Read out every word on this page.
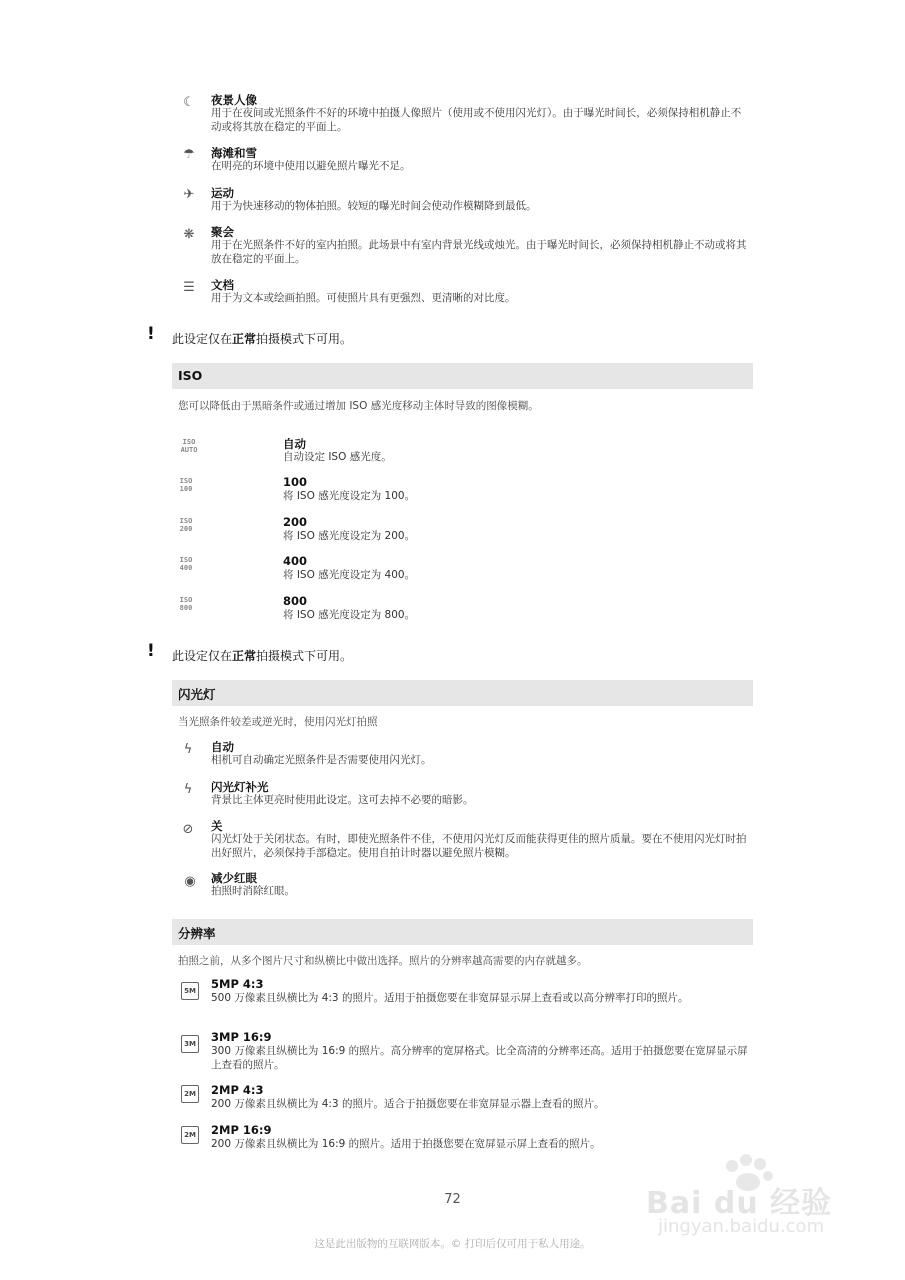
☾ 夜景人像
用于在夜间或光照条件不好的环境中拍摄人像照片（使用或不使用闪光灯）。由于曝光时间长，必须保持相机静止不动或将其放在稳定的平面上。
☂ 海滩和雪
在明亮的环境中使用以避免照片曝光不足。
✈	运动
用于为快速移动的物体拍照。较短的曝光时间会使动作模糊降到最低。
❋	聚会
用于在光照条件不好的室内拍照。此场景中有室内背景光线或烛光。由于曝光时间长，必须保持相机静止不动或将其放在稳定的平面上。
☰ 文档
用于为文本或绘画拍照。可使照片具有更强烈、更清晰的对比度。
! 此设定仅在正常拍摄模式下可用。
ISO
您可以降低由于黑暗条件或通过增加 ISO 感光度移动主体时导致的图像模糊。
ISO
AUTO	自动
自动设定 ISO 感光度。
ISO
100	100
将 ISO 感光度设定为 100。
ISO
200	200
将 ISO 感光度设定为 200。
ISO
400	400
将 ISO 感光度设定为 400。
ISO
800	800
将 ISO 感光度设定为 800。
! 此设定仅在正常拍摄模式下可用。
闪光灯
当光照条件较差或逆光时，使用闪光灯拍照
ϟ	自动
相机可自动确定光照条件是否需要使用闪光灯。
ϟ	闪光灯补光
背景比主体更亮时使用此设定。这可去掉不必要的暗影。
⊘	关
闪光灯处于关闭状态。有时，即使光照条件不佳，不使用闪光灯反而能获得更佳的照片质量。要在不使用闪光灯时拍出好照片，必须保持手部稳定。使用自拍计时器以避免照片模糊。
◉	减少红眼
拍照时消除红眼。
分辨率
拍照之前，从多个图片尺寸和纵横比中做出选择。照片的分辨率越高需要的内存就越多。
5M 5MP 4:3
500 万像素且纵横比为 4:3 的照片。适用于拍摄您要在非宽屏显示屏上查看或以高分辨率打印的照片。
3M 3MP 16:9
300 万像素且纵横比为 16:9 的照片。高分辨率的宽屏格式。比全高清的分辨率还高。适用于拍摄您要在宽屏显示屏上查看的照片。
2M 2MP 4:3
200 万像素且纵横比为 4:3 的照片。适合于拍摄您要在非宽屏显示器上查看的照片。
2M 2MP 16:9
200 万像素且纵横比为 16:9 的照片。适用于拍摄您要在宽屏显示屏上查看的照片。
72
这是此出版物的互联网版本。© 打印后仅可用于私人用途。
Bai du 经验
jingyan.baidu.com
